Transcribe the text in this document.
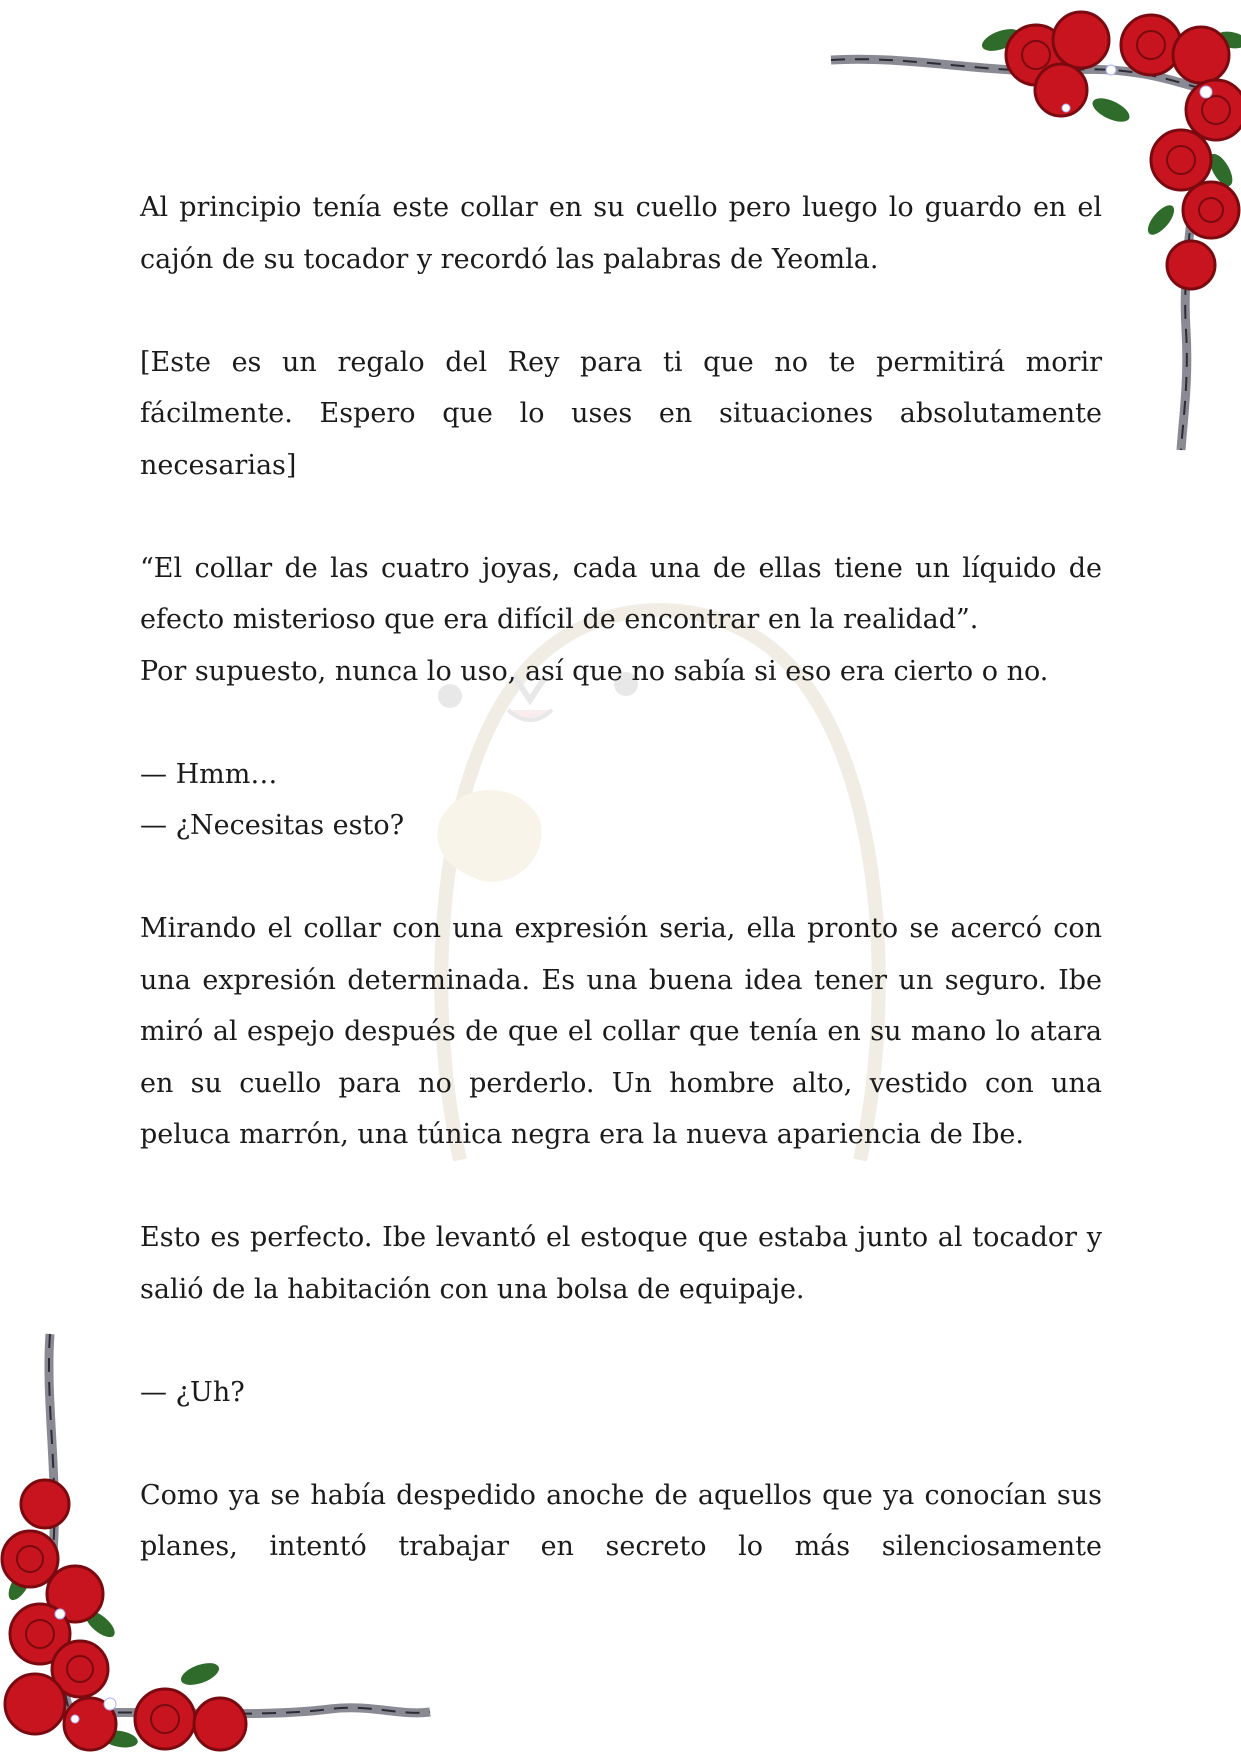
Al principio tenía este collar en su cuello pero luego lo guardo en el cajón de su tocador y recordó las palabras de Yeomla.

[Este es un regalo del Rey para ti que no te permitirá morir fácilmente. Espero que lo uses en situaciones absolutamente necesarias]

“El collar de las cuatro joyas, cada una de ellas tiene un líquido de efecto misterioso que era difícil de encontrar en la realidad”.

Por supuesto, nunca lo uso, así que no sabía si eso era cierto o no.

— Hmm…

— ¿Necesitas esto?

Mirando el collar con una expresión seria, ella pronto se acercó con una expresión determinada. Es una buena idea tener un seguro. Ibe miró al espejo después de que el collar que tenía en su mano lo atara en su cuello para no perderlo. Un hombre alto, vestido con una peluca marrón, una túnica negra era la nueva apariencia de Ibe.

Esto es perfecto. Ibe levantó el estoque que estaba junto al tocador y salió de la habitación con una bolsa de equipaje.

— ¿Uh?

Como ya se había despedido anoche de aquellos que ya conocían sus planes, intentó trabajar en secreto lo más silenciosamente
